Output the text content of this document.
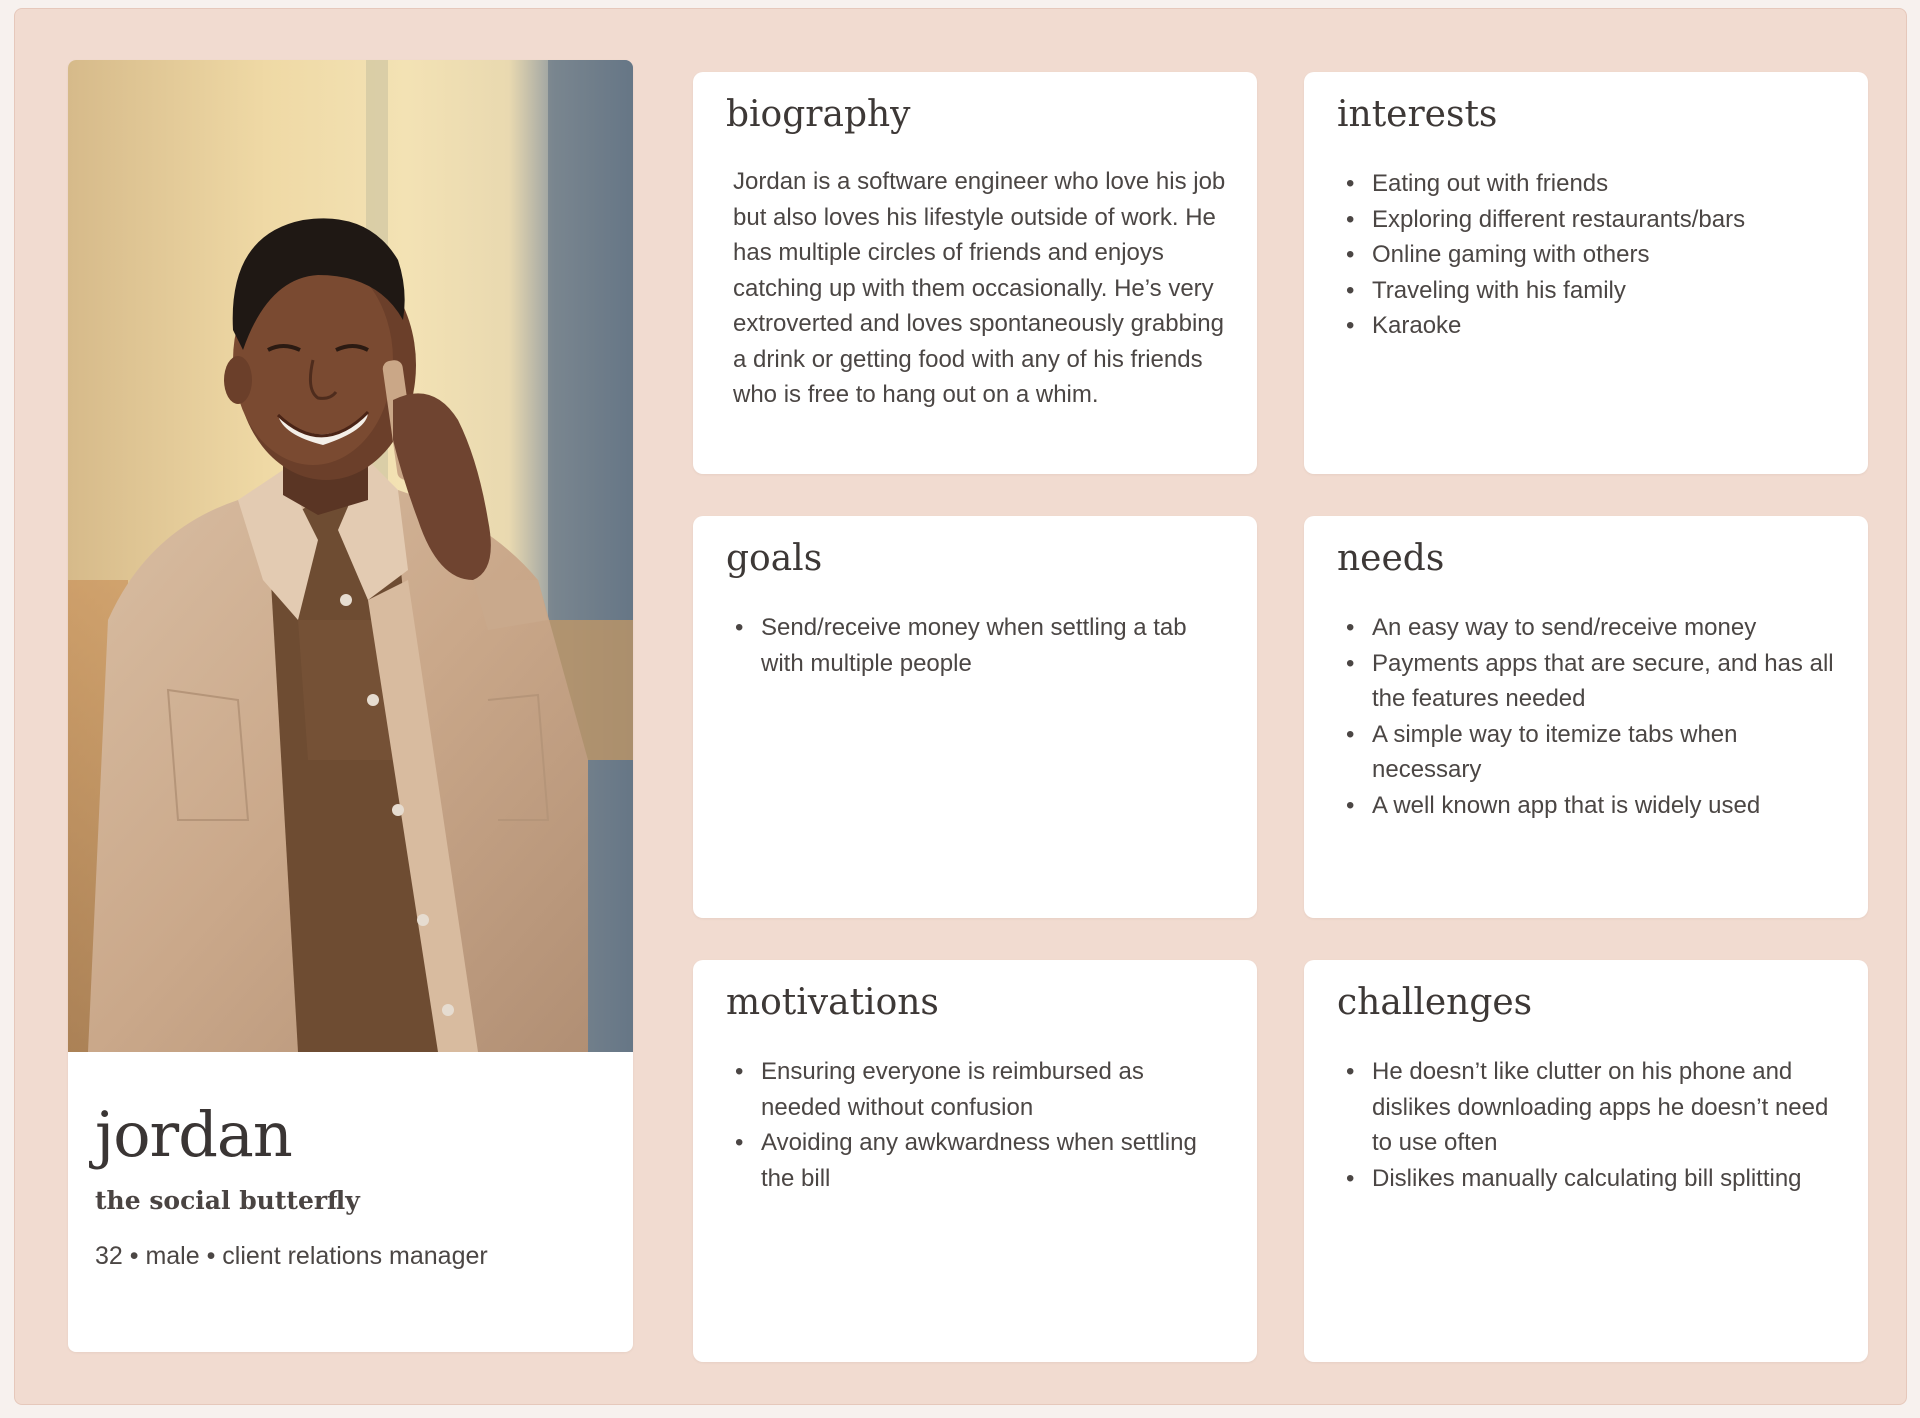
jordan
the social butterfly
32 • male • client relations manager
biography
Jordan is a software engineer who love his job but also loves his lifestyle outside of work. He has multiple circles of friends and enjoys catching up with them occasionally. He’s very extroverted and loves spontaneously grabbing a drink or getting food with any of his friends who is free to hang out on a whim.
interests
• Eating out with friends
• Exploring different restaurants/bars
• Online gaming with others
• Traveling with his family
• Karaoke
goals
• Send/receive money when settling a tab with multiple people
needs
• An easy way to send/receive money
• Payments apps that are secure, and has all the features needed
• A simple way to itemize tabs when necessary
• A well known app that is widely used
motivations
• Ensuring everyone is reimbursed as needed without confusion
• Avoiding any awkwardness when settling the bill
challenges
• He doesn’t like clutter on his phone and dislikes downloading apps he doesn’t need to use often
• Dislikes manually calculating bill splitting
